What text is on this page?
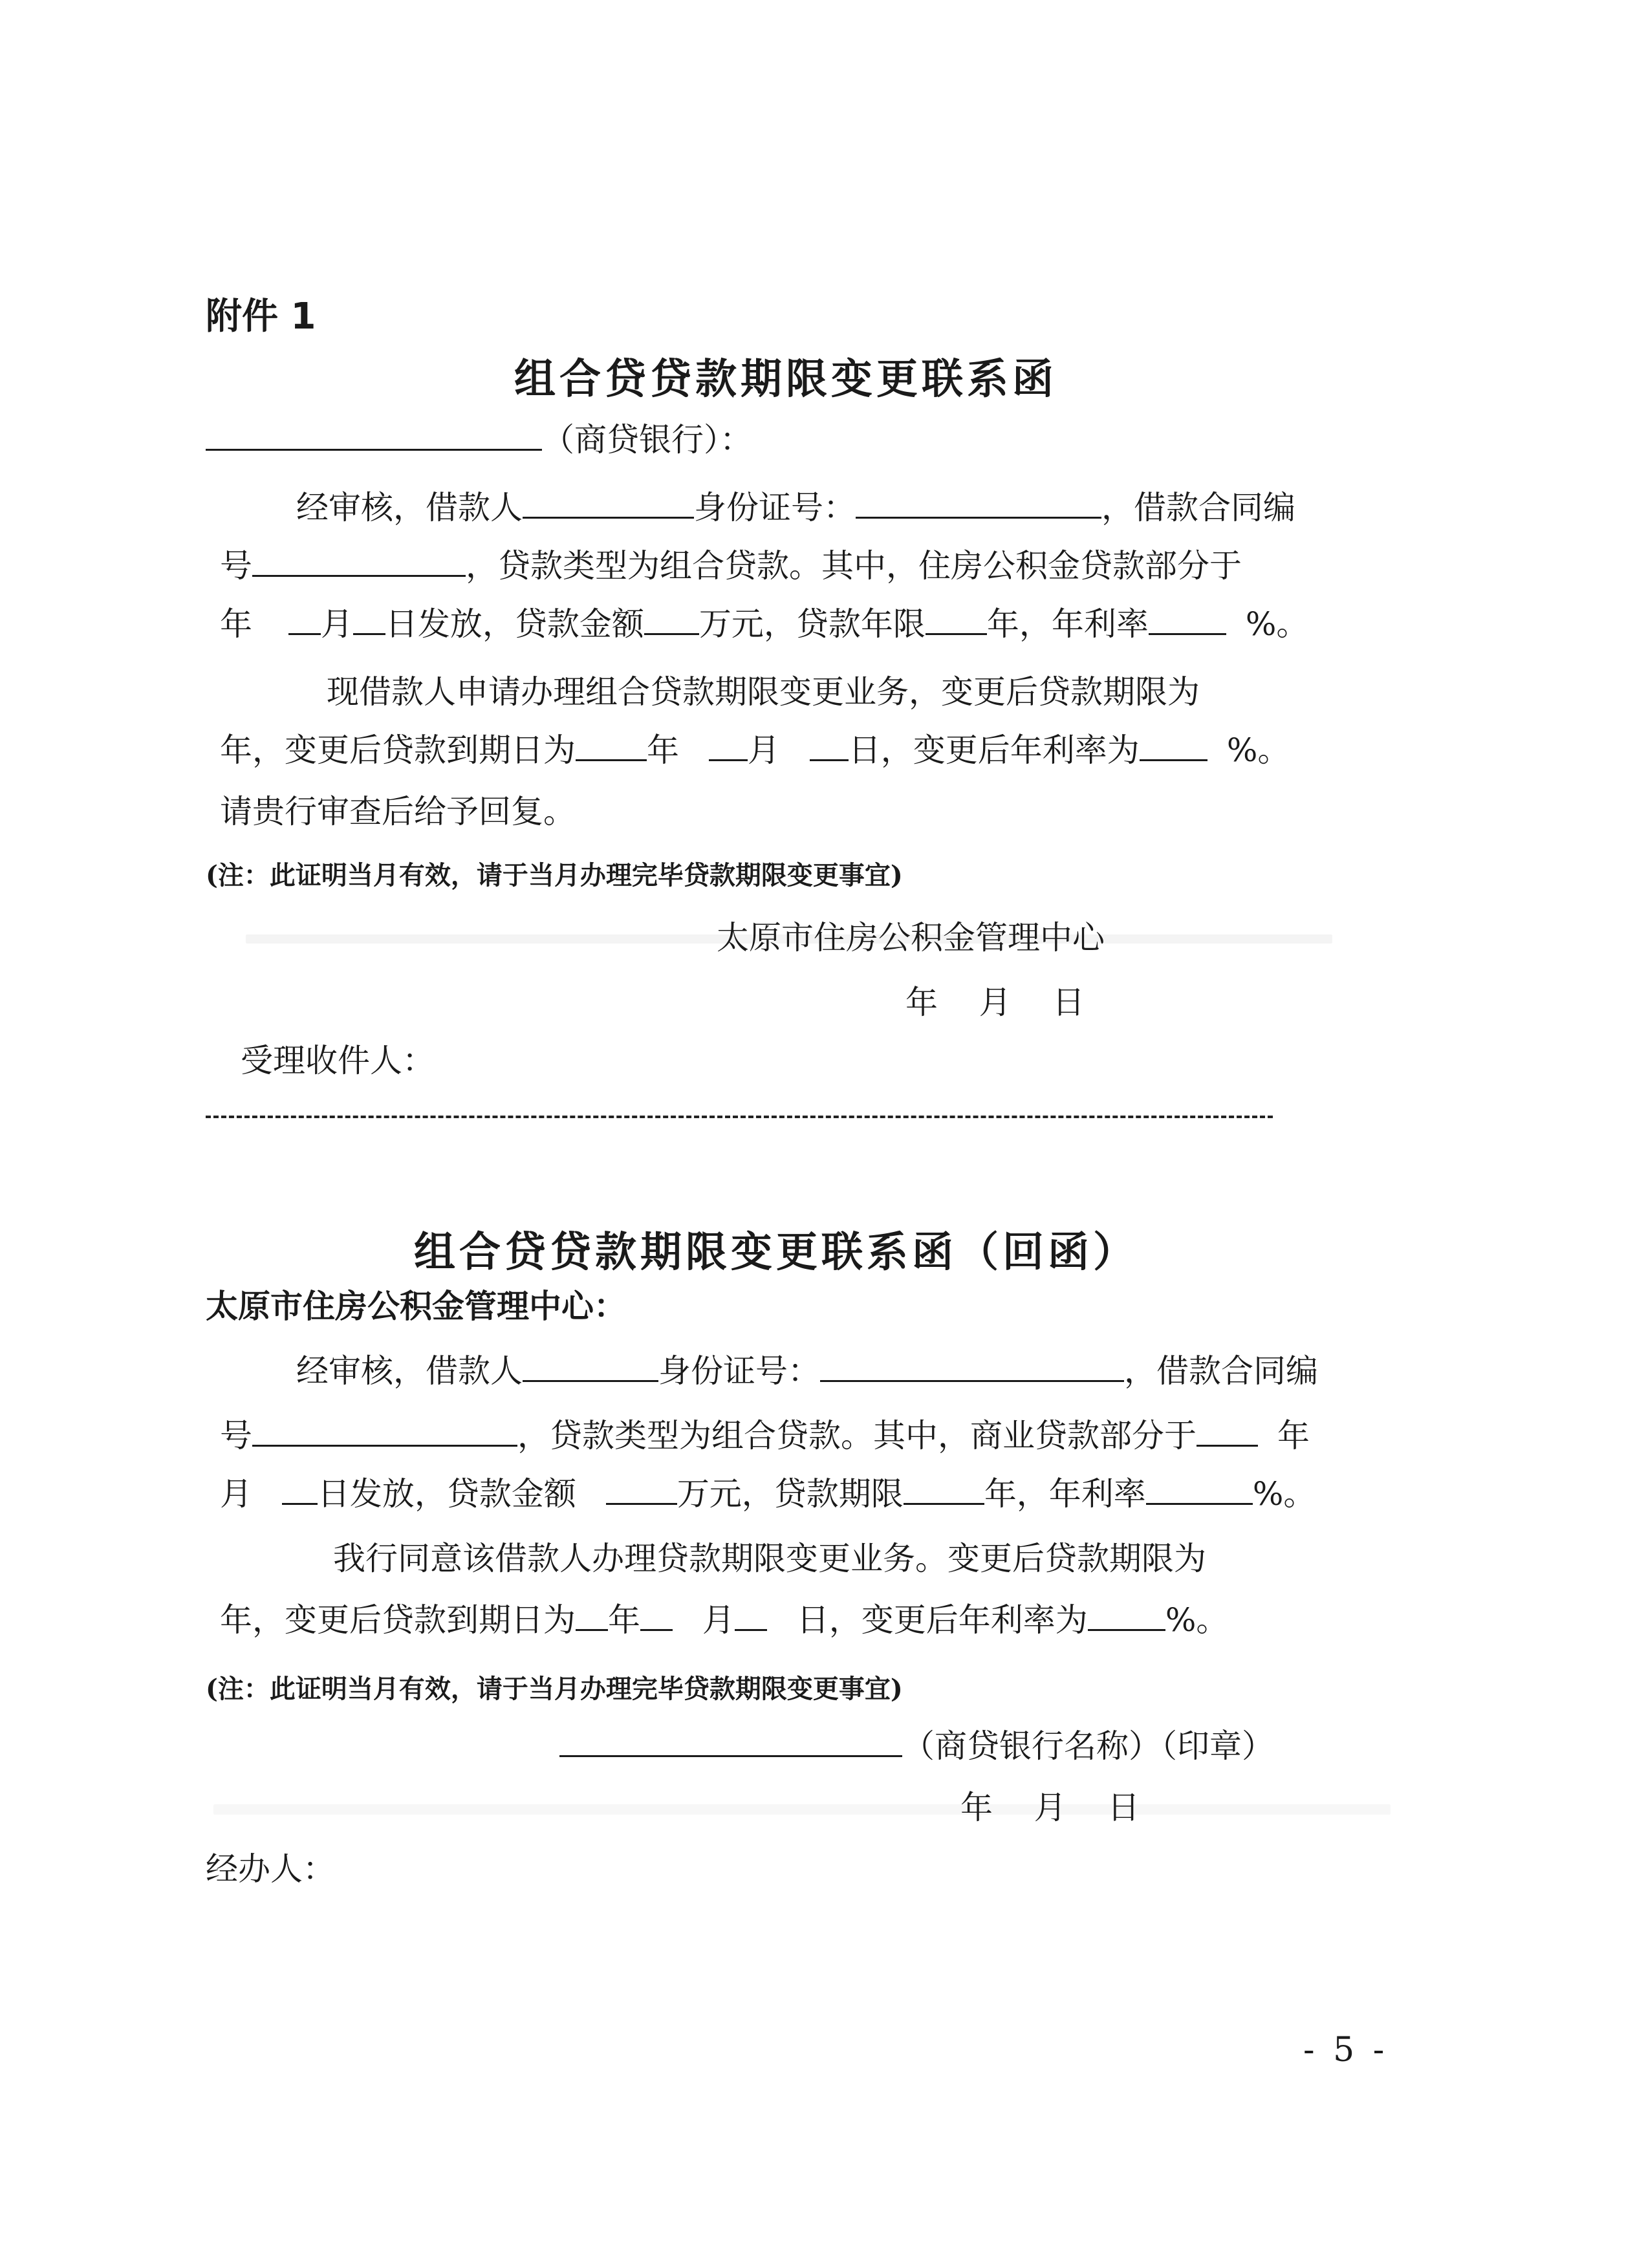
附件 1
组合贷贷款期限变更联系函
（商贷银行）：
经审核，借款人	身份证号：	，借款合同编
号	，贷款类型为组合贷款。其中，住房公积金贷款部分于
年 月 日发放，贷款金额 万元，贷款年限 年，年利率	%。
现借款人申请办理组合贷款期限变更业务，变更后贷款期限为
年，变更后贷款到期日为 年 月 日，变更后年利率为	%。
请贵行审查后给予回复。
(注：此证明当月有效，请于当月办理完毕贷款期限变更事宜)
太原市住房公积金管理中心
年    月    日
受理收件人：
组合贷贷款期限变更联系函（回函）
太原市住房公积金管理中心：
经审核，借款人	身份证号：	，借款合同编
号	，贷款类型为组合贷款。其中，商业贷款部分于	年
月 日发放，贷款金额	万元，贷款期限	年，年利率	%。
我行同意该借款人办理贷款期限变更业务。变更后贷款期限为
年，变更后贷款到期日为 年 月 日，变更后年利率为 %。
(注：此证明当月有效，请于当月办理完毕贷款期限变更事宜)
（商贷银行名称）（印章）
年    月    日
经办人：
- 5 -
